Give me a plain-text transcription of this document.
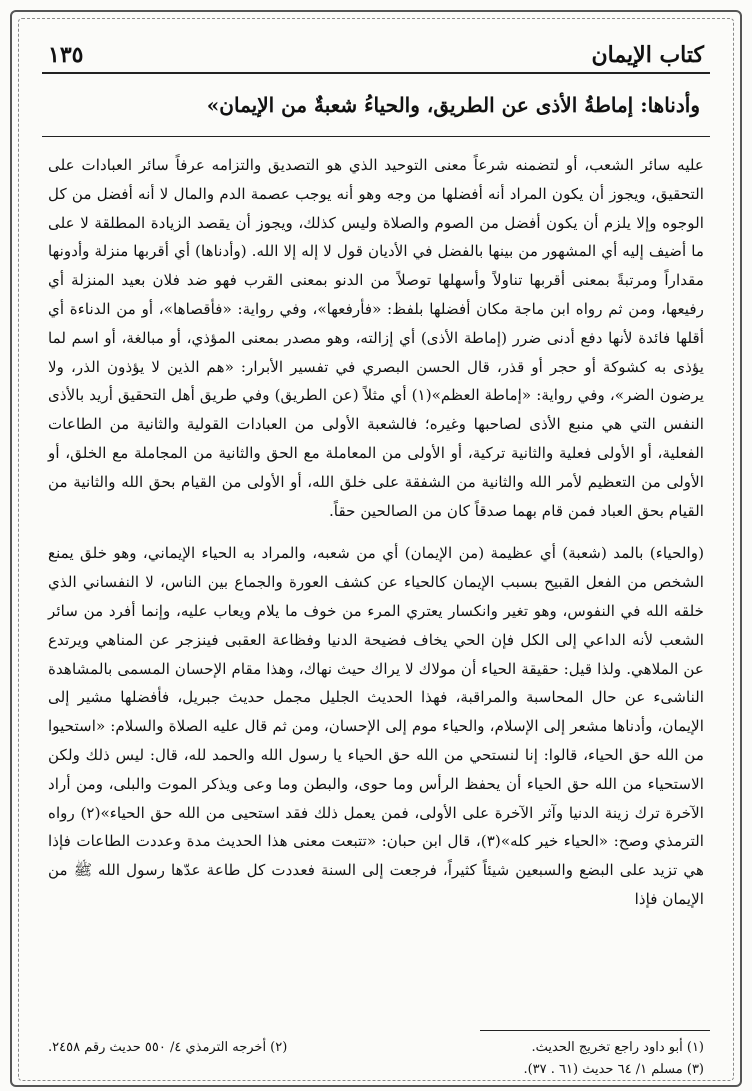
كتاب الإيمان
١٣٥
وأدناها: إماطةُ الأذى عن الطريق، والحياءُ شعبةٌ من الإيمان»

عليه سائر الشعب، أو لتضمنه شرعاً معنى التوحيد الذي هو التصديق والتزامه عرفاً سائر العبادات على التحقيق، ويجوز أن يكون المراد أنه أفضلها من وجه وهو أنه يوجب عصمة الدم والمال لا أنه أفضل من كل الوجوه وإلا يلزم أن يكون أفضل من الصوم والصلاة وليس كذلك، ويجوز أن يقصد الزيادة المطلقة لا على ما أضيف إليه أي المشهور من بينها بالفضل في الأديان قول لا إله إلا الله. (وأدناها) أي أقربها منزلة وأدونها مقداراً ومرتبةً بمعنى أقربها تناولاً وأسهلها توصلاً من الدنو بمعنى القرب فهو ضد فلان بعيد المنزلة أي رفيعها، ومن ثم رواه ابن ماجة مكان أفضلها بلفظ: «فأرفعها»، وفي رواية: «فأقصاها»، أو من الدناءة أي أقلها فائدة لأنها دفع أدنى ضرر (إماطة الأذى) أي إزالته، وهو مصدر بمعنى المؤذي، أو مبالغة، أو اسم لما يؤذى به كشوكة أو حجر أو قذر، قال الحسن البصري في تفسير الأبرار: «هم الذين لا يؤذون الذر، ولا يرضون الضر»، وفي رواية: «إماطة العظم»(١) أي مثلاً (عن الطريق) وفي طريق أهل التحقيق أريد بالأذى النفس التي هي منبع الأذى لصاحبها وغيره؛ فالشعبة الأولى من العبادات القولية والثانية من الطاعات الفعلية، أو الأولى فعلية والثانية تركية، أو الأولى من المعاملة مع الحق والثانية من المجاملة مع الخلق، أو الأولى من التعظيم لأمر الله والثانية من الشفقة على خلق الله، أو الأولى من القيام بحق الله والثانية من القيام بحق العباد فمن قام بهما صدقاً كان من الصالحين حقاً.

(والحياء) بالمد (شعبة) أي عظيمة (من الإيمان) أي من شعبه، والمراد به الحياء الإيماني، وهو خلق يمنع الشخص من الفعل القبيح بسبب الإيمان كالحياء عن كشف العورة والجماع بين الناس، لا النفساني الذي خلقه الله في النفوس، وهو تغير وانكسار يعتري المرء من خوف ما يلام ويعاب عليه، وإنما أفرد من سائر الشعب لأنه الداعي إلى الكل فإن الحي يخاف فضيحة الدنيا وفظاعة العقبى فينزجر عن المناهي ويرتدع عن الملاهي. ولذا قيل: حقيقة الحياء أن مولاك لا يراك حيث نهاك، وهذا مقام الإحسان المسمى بالمشاهدة الناشىء عن حال المحاسبة والمراقبة، فهذا الحديث الجليل مجمل حديث جبريل، فأفضلها مشير إلى الإيمان، وأدناها مشعر إلى الإسلام، والحياء موم إلى الإحسان، ومن ثم قال عليه الصلاة والسلام: «استحيوا من الله حق الحياء، قالوا: إنا لنستحي من الله حق الحياء يا رسول الله والحمد لله، قال: ليس ذلك ولكن الاستحياء من الله حق الحياء أن يحفظ الرأس وما حوى، والبطن وما وعى ويذكر الموت والبلى، ومن أراد الآخرة ترك زينة الدنيا وآثر الآخرة على الأولى، فمن يعمل ذلك فقد استحيى من الله حق الحياء»(٢) رواه الترمذي وصح: «الحياء خير كله»(٣)، قال ابن حبان: «تتبعت معنى هذا الحديث مدة وعددت الطاعات فإذا هي تزيد على البضع والسبعين شيئاً كثيراً، فرجعت إلى السنة فعددت كل طاعة عدّها رسول الله ﷺ من الإيمان فإذا

(١) أبو داود راجع تخريج الحديث.
(٢) أخرجه الترمذي ٤/ ٥٥٠ حديث رقم ٢٤٥٨.
(٣) مسلم ١/ ٦٤ حديث (٦١ . ٣٧).
